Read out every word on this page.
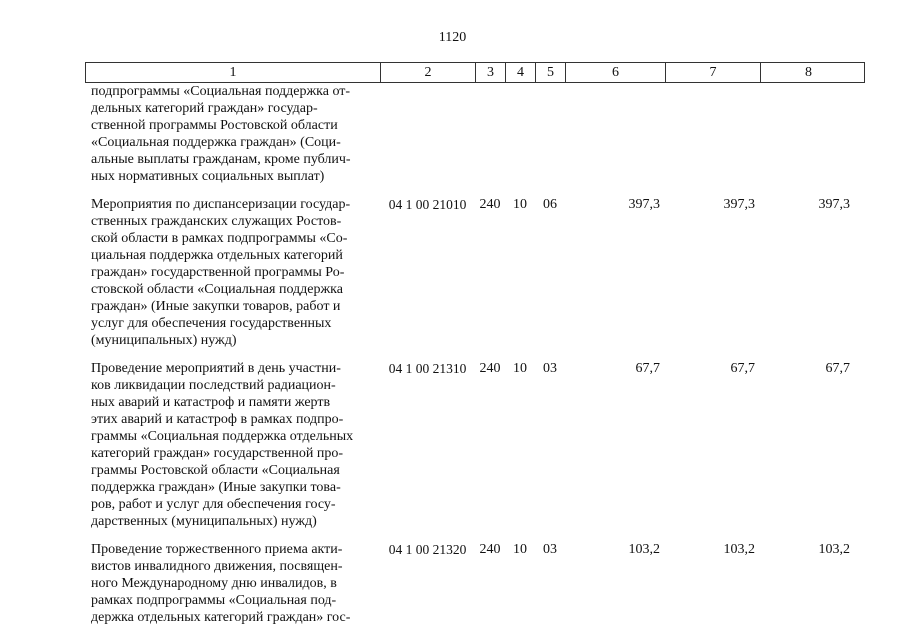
1120
1	2	3	4	5	6	7	8
подпрограммы «Социальная поддержка от-
дельных категорий граждан» государ-
ственной программы Ростовской области
«Социальная поддержка граждан» (Соци-
альные выплаты гражданам, кроме публич-
ных нормативных социальных выплат)
Мероприятия по диспансеризации государ-
ственных гражданских служащих Ростов-
ской области в рамках подпрограммы «Со-
циальная поддержка отдельных категорий
граждан» государственной программы Ро-
стовской области «Социальная поддержка
граждан» (Иные закупки товаров, работ и
услуг для обеспечения государственных
(муниципальных) нужд)
04 1 00 21010 240 10	06	397,3	397,3	397,3
Проведение мероприятий в день участни-
ков ликвидации последствий радиацион-
ных аварий и катастроф и памяти жертв
этих аварий и катастроф в рамках подпро-
граммы «Социальная поддержка отдельных
категорий граждан» государственной про-
граммы Ростовской области «Социальная
поддержка граждан» (Иные закупки това-
ров, работ и услуг для обеспечения госу-
дарственных (муниципальных) нужд)
04 1 00 21310 240 10	03	67,7	67,7	67,7
Проведение торжественного приема акти-
вистов инвалидного движения, посвящен-
ного Международному дню инвалидов, в
рамках подпрограммы «Социальная под-
держка отдельных категорий граждан» гос-
04 1 00 21320 240 10	03	103,2	103,2	103,2
